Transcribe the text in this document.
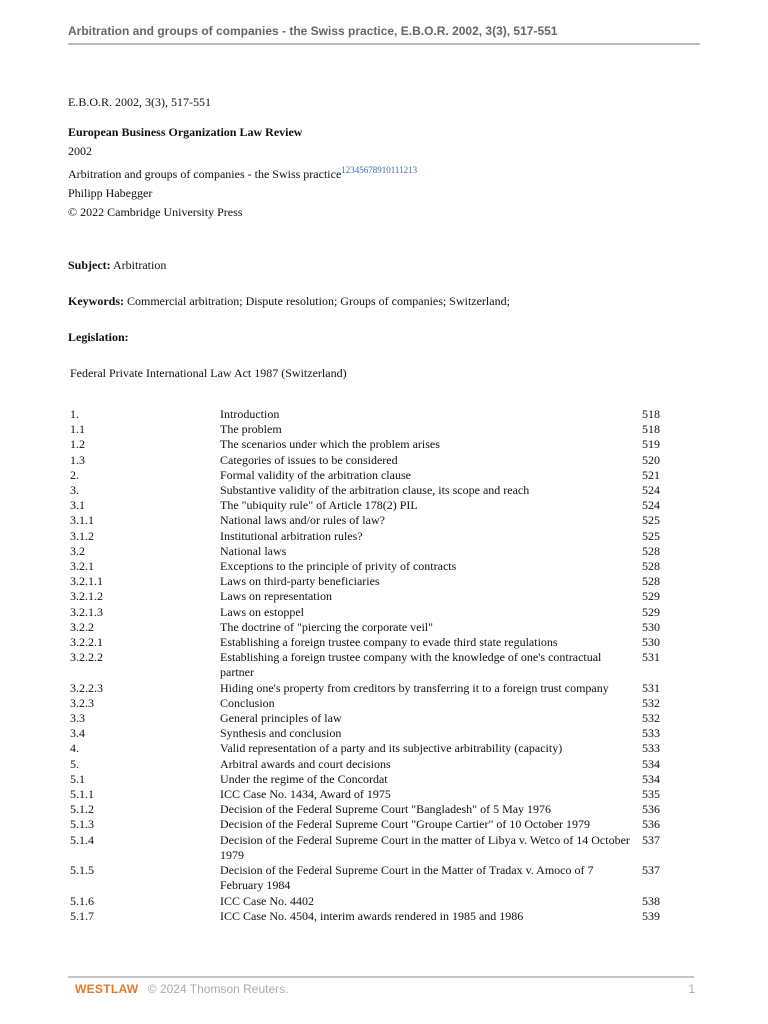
Arbitration and groups of companies - the Swiss practice, E.B.O.R. 2002, 3(3), 517-551
E.B.O.R. 2002, 3(3), 517-551
European Business Organization Law Review
2002
Arbitration and groups of companies - the Swiss practice$^{12345678910111213}$
Philipp Habegger
© 2022 Cambridge University Press
Subject: Arbitration
Keywords: Commercial arbitration; Dispute resolution; Groups of companies; Switzerland;
Legislation:
Federal Private International Law Act 1987 (Switzerland)
1.	Introduction	518
1.1	The problem	518
1.2	The scenarios under which the problem arises	519
1.3	Categories of issues to be considered	520
2.	Formal validity of the arbitration clause	521
3.	Substantive validity of the arbitration clause, its scope and reach	524
3.1	The "ubiquity rule" of Article 178(2) PIL	524
3.1.1	National laws and/or rules of law?	525
3.1.2	Institutional arbitration rules?	525
3.2	National laws	528
3.2.1	Exceptions to the principle of privity of contracts	528
3.2.1.1	Laws on third-party beneficiaries	528
3.2.1.2	Laws on representation	529
3.2.1.3	Laws on estoppel	529
3.2.2	The doctrine of "piercing the corporate veil"	530
3.2.2.1	Establishing a foreign trustee company to evade third state regulations	530
3.2.2.2	Establishing a foreign trustee company with the knowledge of one's contractual partner	531
3.2.2.3	Hiding one's property from creditors by transferring it to a foreign trust company	531
3.2.3	Conclusion	532
3.3	General principles of law	532
3.4	Synthesis and conclusion	533
4.	Valid representation of a party and its subjective arbitrability (capacity)	533
5.	Arbitral awards and court decisions	534
5.1	Under the regime of the Concordat	534
5.1.1	ICC Case No. 1434, Award of 1975	535
5.1.2	Decision of the Federal Supreme Court "Bangladesh" of 5 May 1976	536
5.1.3	Decision of the Federal Supreme Court "Groupe Cartier" of 10 October 1979	536
5.1.4	Decision of the Federal Supreme Court in the matter of Libya v. Wetco of 14 October 1979	537
5.1.5	Decision of the Federal Supreme Court in the Matter of Tradax v. Amoco of 7 February 1984	537
5.1.6	ICC Case No. 4402	538
5.1.7	ICC Case No. 4504, interim awards rendered in 1985 and 1986	539
WESTLAW © 2024 Thomson Reuters.	1
